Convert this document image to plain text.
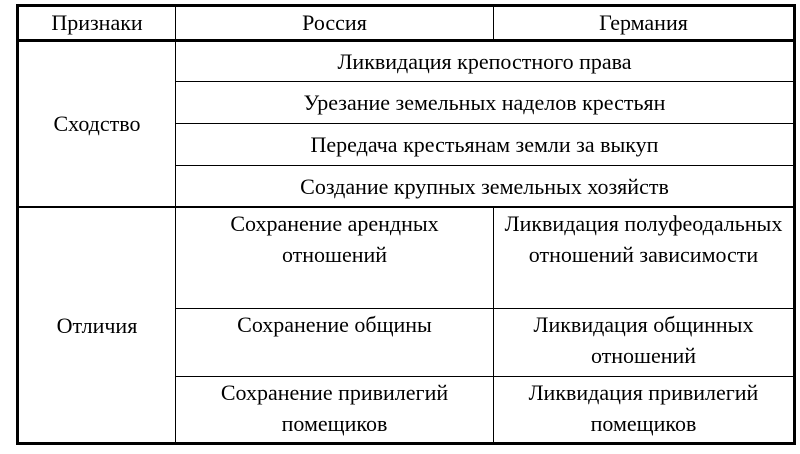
Признаки	Россия	Германия
Сходство	Ликвидация крепостного права	
	Урезание земельных наделов крестьян	
	Передача крестьянам земли за выкуп	
	Создание крупных земельных хозяйств	
Отличия	Сохранение арендных отношений	Ликвидация полуфеодальных отношений зависимости
	Сохранение общины	Ликвидация общинных отношений
	Сохранение привилегий помещиков	Ликвидация привилегий помещиков
